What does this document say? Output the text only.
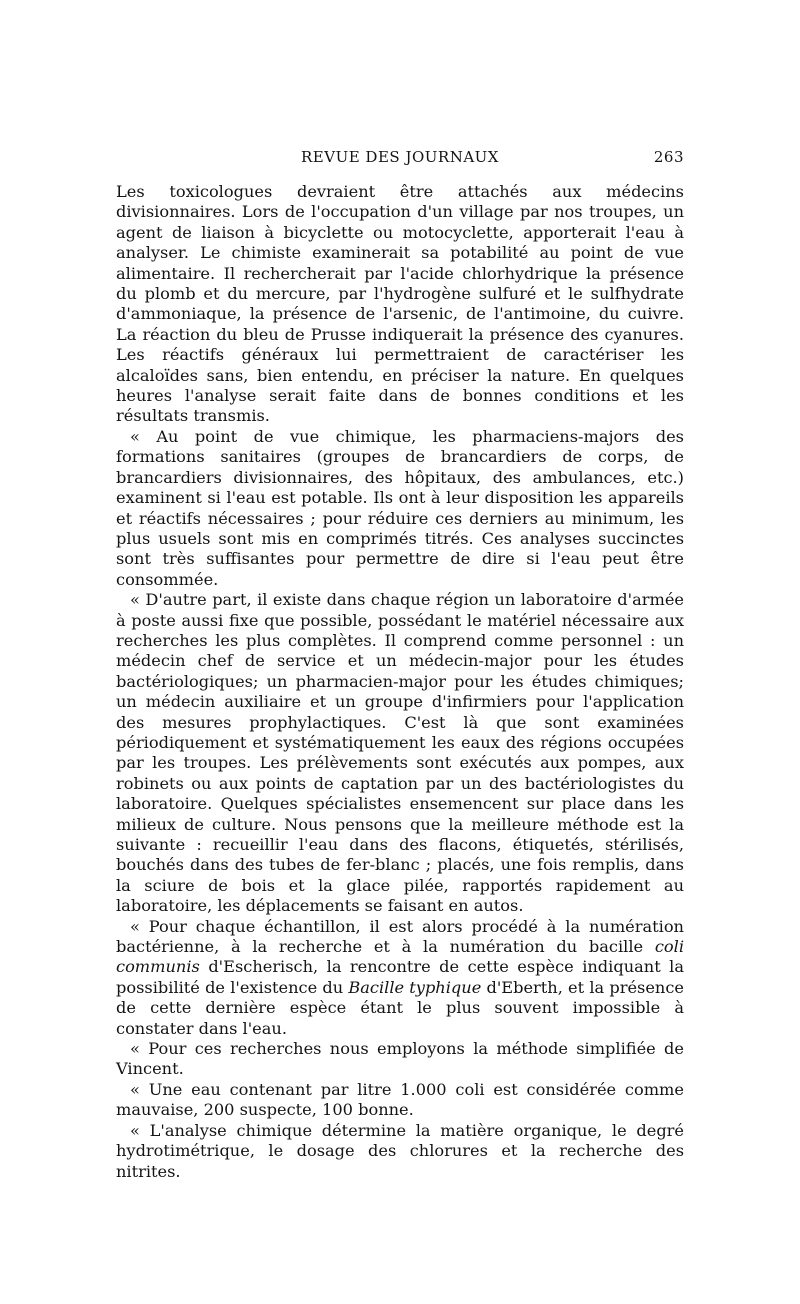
REVUE DES JOURNAUX	263

Les toxicologues devraient être attachés aux médecins divisionnaires. Lors de l'occupation d'un village par nos troupes, un agent de liaison à bicyclette ou motocyclette, apporterait l'eau à analyser. Le chimiste examinerait sa potabilité au point de vue alimentaire. Il rechercherait par l'acide chlorhydrique la présence du plomb et du mercure, par l'hydrogène sulfuré et le sulfhydrate d'ammoniaque, la présence de l'arsenic, de l'antimoine, du cuivre. La réaction du bleu de Prusse indiquerait la présence des cyanures. Les réactifs généraux lui permettraient de caractériser les alcaloïdes sans, bien entendu, en préciser la nature. En quelques heures l'analyse serait faite dans de bonnes conditions et les résultats transmis.

« Au point de vue chimique, les pharmaciens-majors des formations sanitaires (groupes de brancardiers de corps, de brancardiers divisionnaires, des hôpitaux, des ambulances, etc.) examinent si l'eau est potable. Ils ont à leur disposition les appareils et réactifs nécessaires ; pour réduire ces derniers au minimum, les plus usuels sont mis en comprimés titrés. Ces analyses succinctes sont très suffisantes pour permettre de dire si l'eau peut être consommée.

« D'autre part, il existe dans chaque région un laboratoire d'armée à poste aussi fixe que possible, possédant le matériel nécessaire aux recherches les plus complètes. Il comprend comme personnel : un médecin chef de service et un médecin-major pour les études bactériologiques; un pharmacien-major pour les études chimiques; un médecin auxiliaire et un groupe d'infirmiers pour l'application des mesures prophylactiques. C'est là que sont examinées périodiquement et systématiquement les eaux des régions occupées par les troupes. Les prélèvements sont exécutés aux pompes, aux robinets ou aux points de captation par un des bactériologistes du laboratoire. Quelques spécialistes ensemencent sur place dans les milieux de culture. Nous pensons que la meilleure méthode est la suivante : recueillir l'eau dans des flacons, étiquetés, stérilisés, bouchés dans des tubes de fer-blanc ; placés, une fois remplis, dans la sciure de bois et la glace pilée, rapportés rapidement au laboratoire, les déplacements se faisant en autos.

« Pour chaque échantillon, il est alors procédé à la numération bactérienne, à la recherche et à la numération du bacille coli communis d'Escherisch, la rencontre de cette espèce indiquant la possibilité de l'existence du Bacille typhique d'Eberth, et la présence de cette dernière espèce étant le plus souvent impossible à constater dans l'eau.

« Pour ces recherches nous employons la méthode simplifiée de Vincent.

« Une eau contenant par litre 1.000 coli est considérée comme mauvaise, 200 suspecte, 100 bonne.

« L'analyse chimique détermine la matière organique, le degré hydrotimétrique, le dosage des chlorures et la recherche des nitrites.
